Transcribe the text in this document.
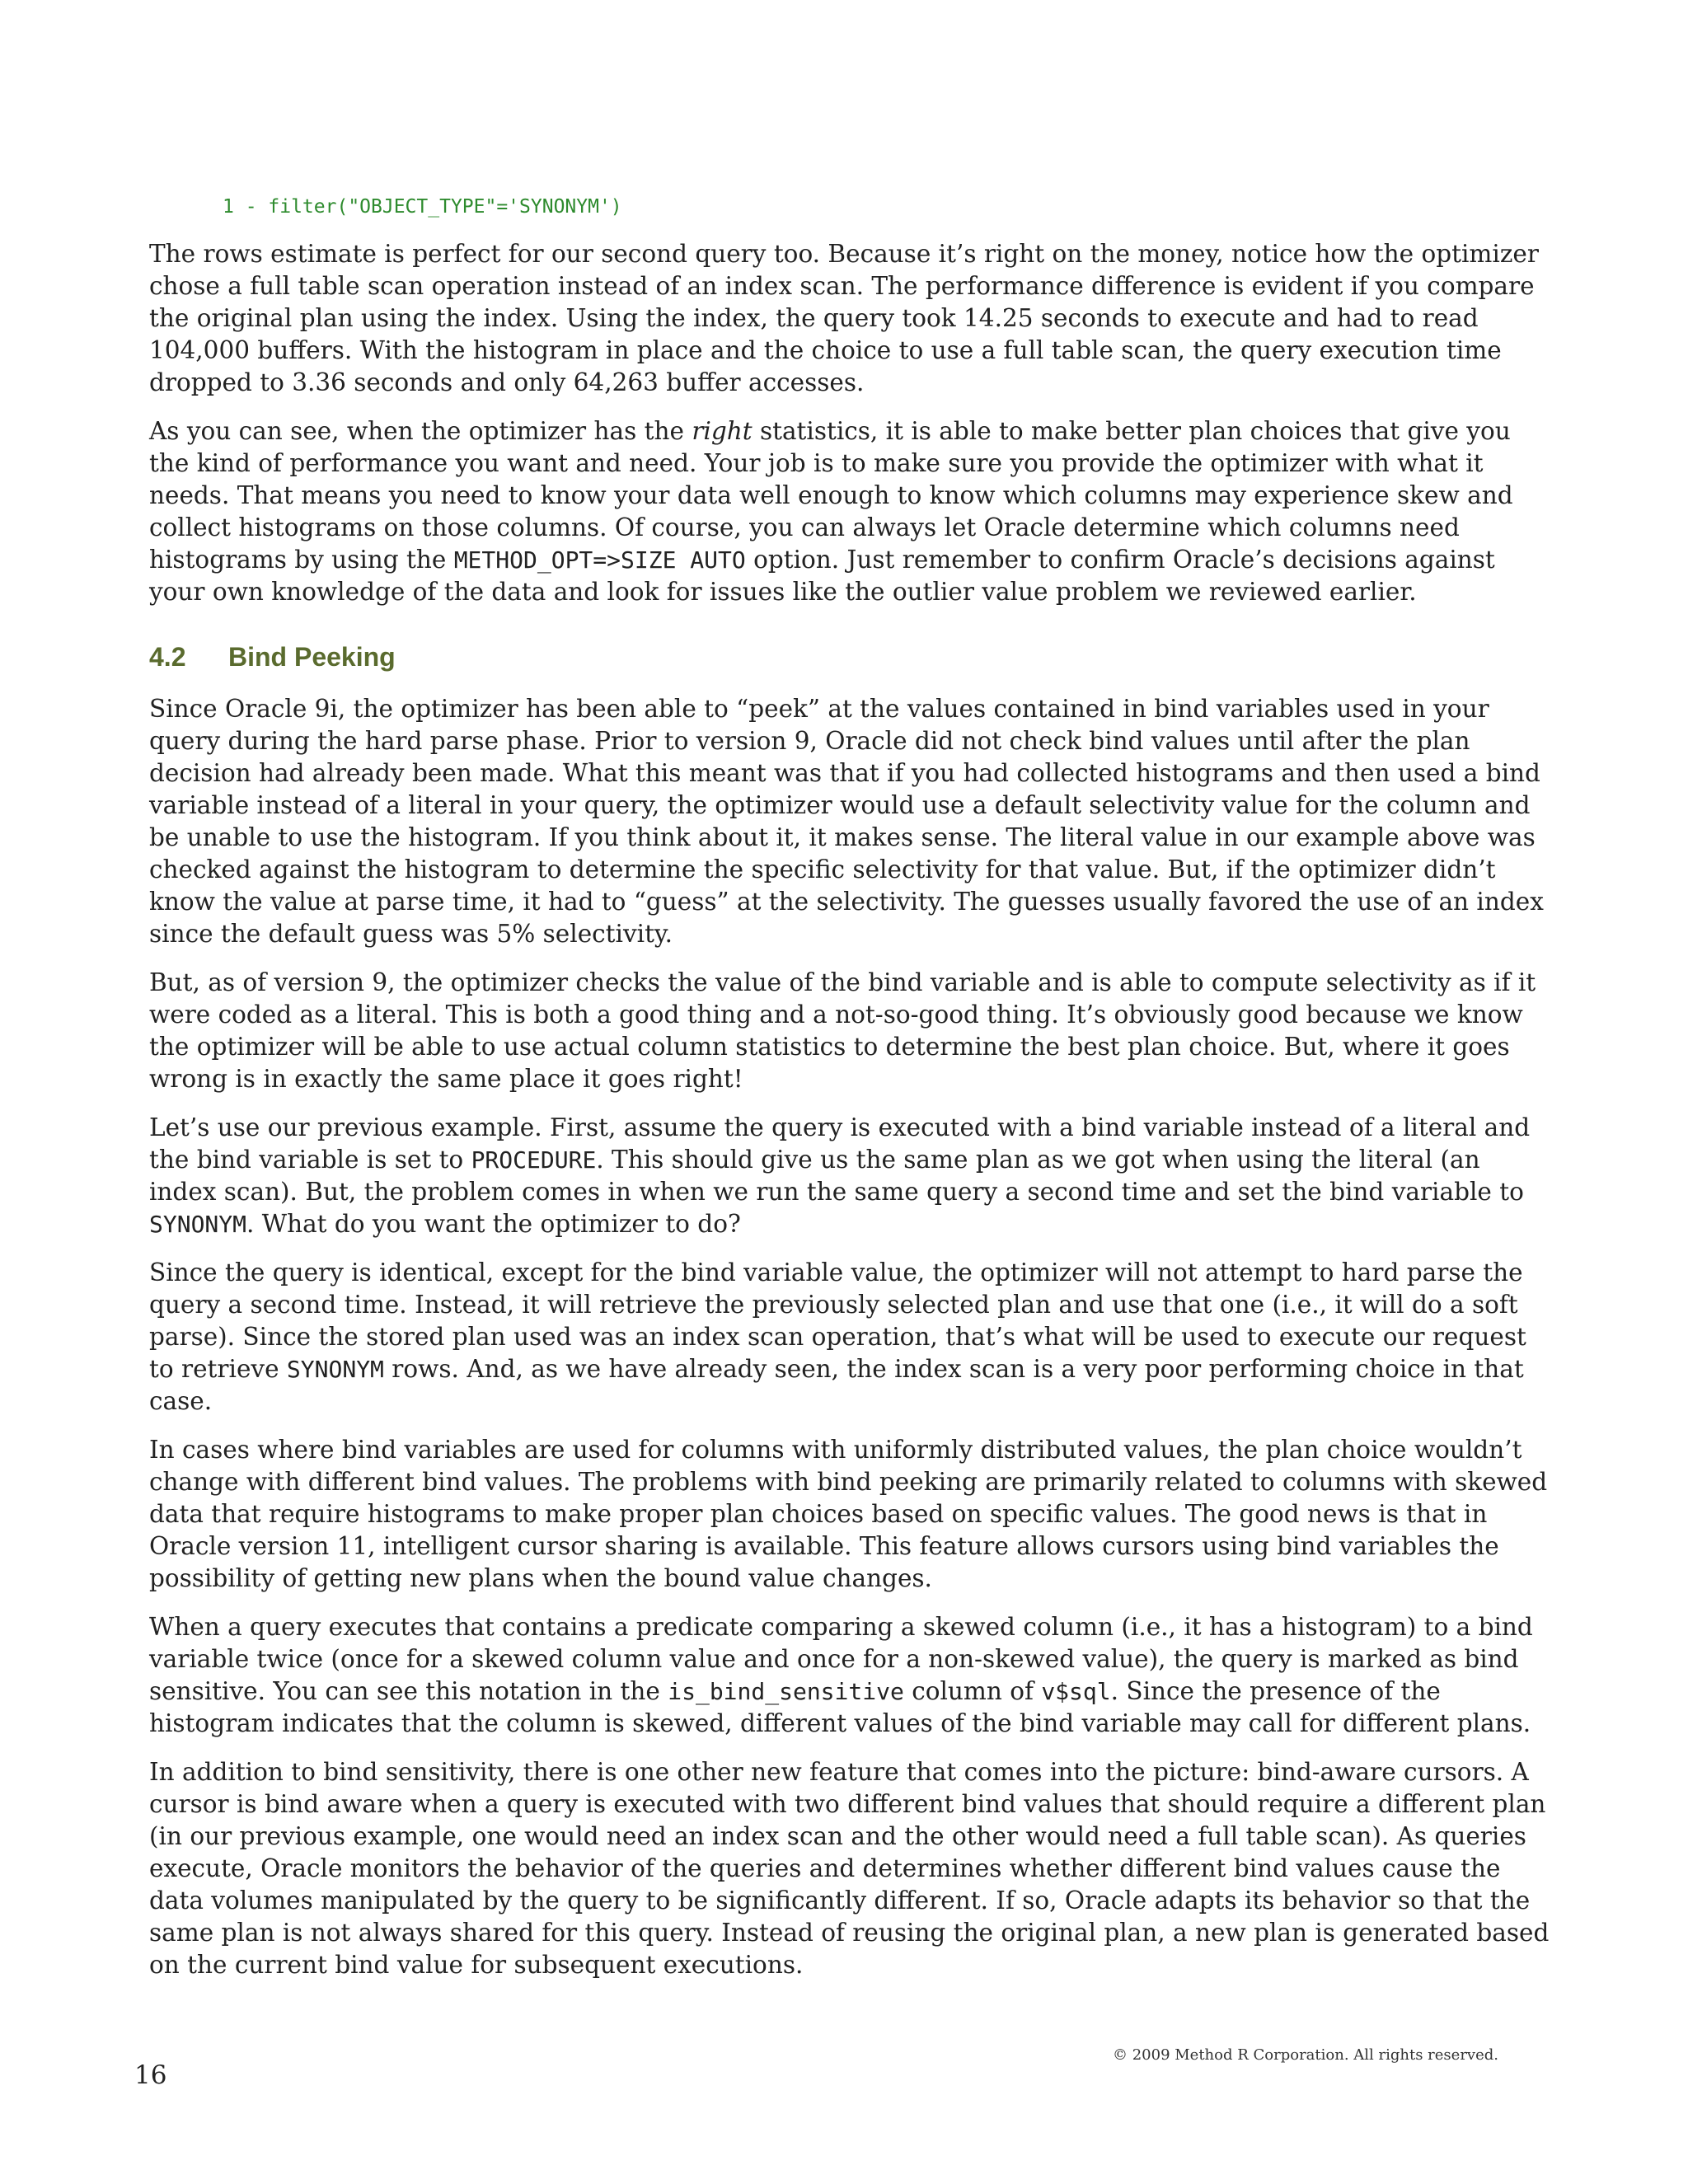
1 - filter("OBJECT_TYPE"='SYNONYM')

The rows estimate is perfect for our second query too. Because it’s right on the money, notice how the optimizer chose a full table scan operation instead of an index scan. The performance difference is evident if you compare the original plan using the index. Using the index, the query took 14.25 seconds to execute and had to read 104,000 buffers. With the histogram in place and the choice to use a full table scan, the query execution time dropped to 3.36 seconds and only 64,263 buffer accesses.

As you can see, when the optimizer has the right statistics, it is able to make better plan choices that give you the kind of performance you want and need. Your job is to make sure you provide the optimizer with what it needs. That means you need to know your data well enough to know which columns may experience skew and collect histograms on those columns. Of course, you can always let Oracle determine which columns need histograms by using the METHOD_OPT=>SIZE AUTO option. Just remember to confirm Oracle’s decisions against your own knowledge of the data and look for issues like the outlier value problem we reviewed earlier.

4.2	Bind Peeking

Since Oracle 9i, the optimizer has been able to “peek” at the values contained in bind variables used in your query during the hard parse phase. Prior to version 9, Oracle did not check bind values until after the plan decision had already been made. What this meant was that if you had collected histograms and then used a bind variable instead of a literal in your query, the optimizer would use a default selectivity value for the column and be unable to use the histogram. If you think about it, it makes sense. The literal value in our example above was checked against the histogram to determine the specific selectivity for that value. But, if the optimizer didn’t know the value at parse time, it had to “guess” at the selectivity. The guesses usually favored the use of an index since the default guess was 5% selectivity.

But, as of version 9, the optimizer checks the value of the bind variable and is able to compute selectivity as if it were coded as a literal. This is both a good thing and a not-so-good thing. It’s obviously good because we know the optimizer will be able to use actual column statistics to determine the best plan choice. But, where it goes wrong is in exactly the same place it goes right!

Let’s use our previous example. First, assume the query is executed with a bind variable instead of a literal and the bind variable is set to PROCEDURE. This should give us the same plan as we got when using the literal (an index scan). But, the problem comes in when we run the same query a second time and set the bind variable to SYNONYM. What do you want the optimizer to do?

Since the query is identical, except for the bind variable value, the optimizer will not attempt to hard parse the query a second time. Instead, it will retrieve the previously selected plan and use that one (i.e., it will do a soft parse). Since the stored plan used was an index scan operation, that’s what will be used to execute our request to retrieve SYNONYM rows. And, as we have already seen, the index scan is a very poor performing choice in that case.

In cases where bind variables are used for columns with uniformly distributed values, the plan choice wouldn’t change with different bind values. The problems with bind peeking are primarily related to columns with skewed data that require histograms to make proper plan choices based on specific values. The good news is that in Oracle version 11, intelligent cursor sharing is available. This feature allows cursors using bind variables the possibility of getting new plans when the bound value changes.

When a query executes that contains a predicate comparing a skewed column (i.e., it has a histogram) to a bind variable twice (once for a skewed column value and once for a non-skewed value), the query is marked as bind sensitive. You can see this notation in the is_bind_sensitive column of v$sql. Since the presence of the histogram indicates that the column is skewed, different values of the bind variable may call for different plans.

In addition to bind sensitivity, there is one other new feature that comes into the picture: bind-aware cursors. A cursor is bind aware when a query is executed with two different bind values that should require a different plan (in our previous example, one would need an index scan and the other would need a full table scan). As queries execute, Oracle monitors the behavior of the queries and determines whether different bind values cause the data volumes manipulated by the query to be significantly different. If so, Oracle adapts its behavior so that the same plan is not always shared for this query. Instead of reusing the original plan, a new plan is generated based on the current bind value for subsequent executions.

© 2009 Method R Corporation. All rights reserved.
16
